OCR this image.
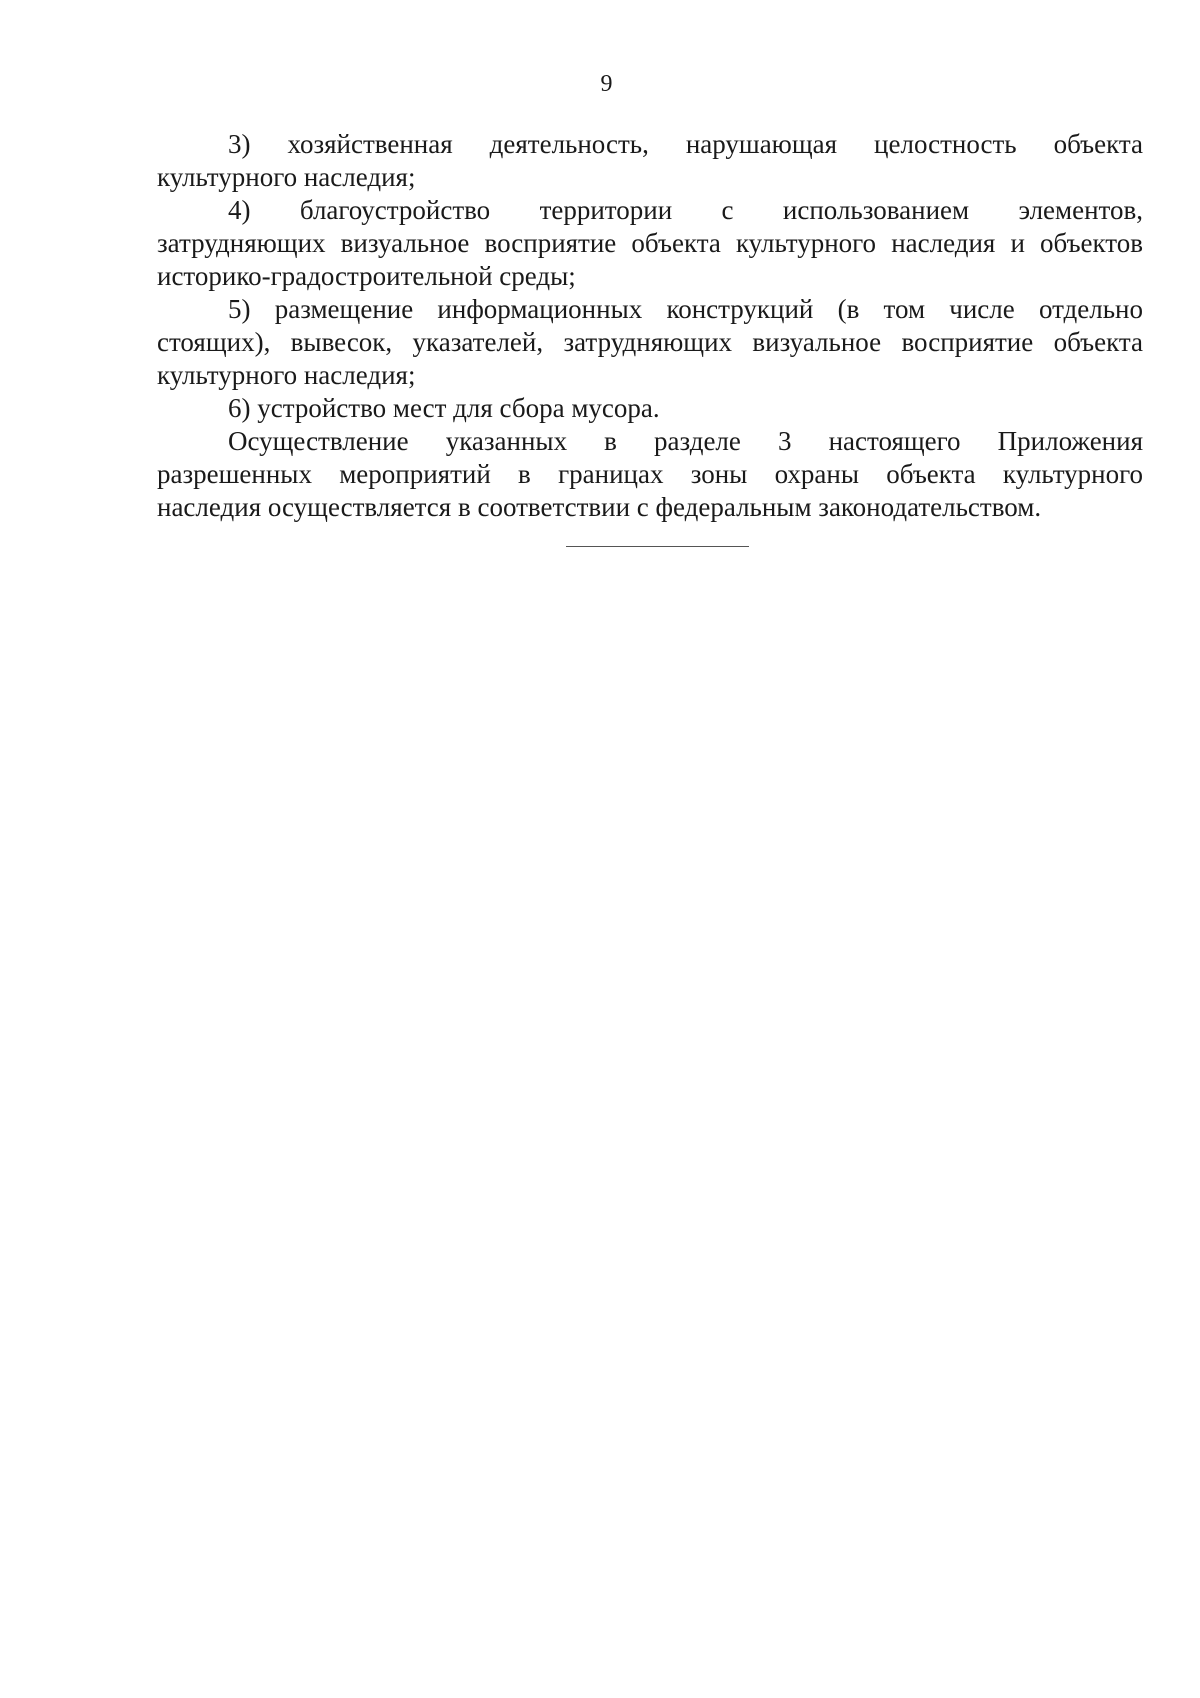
9
3) хозяйственная деятельность, нарушающая целостность объекта
культурного наследия;
4) благоустройство территории с использованием элементов,
затрудняющих визуальное восприятие объекта культурного наследия и объектов
историко-градостроительной среды;
5) размещение информационных конструкций (в том числе отдельно
стоящих), вывесок, указателей, затрудняющих визуальное восприятие объекта
культурного наследия;
6) устройство мест для сбора мусора.
Осуществление указанных в разделе 3 настоящего Приложения
разрешенных мероприятий в границах зоны охраны объекта культурного
наследия осуществляется в соответствии с федеральным законодательством.
